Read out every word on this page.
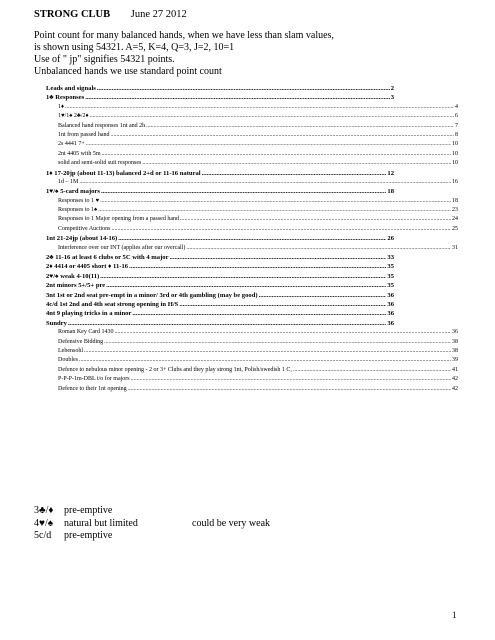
STRONG CLUB June 27 2012
Point count for many balanced hands, when we have less than slam values,
is shown using 54321. A=5, K=4, Q=3, J=2, 10=1
Use of " jp" signifies 54321 points.
Unbalanced hands we use standard point count
Leads and signals .....	2
1♣ Responses .....	3
1♦ .....	4
1♥/1♠ 2♣/2♦ .....	6
Balanced hand responses 1nt and 2h .....	7
1nt from passed hand .....	8
2s 4441 7+ .....	10
2nt 4405 with 5m .....	10
solid and semi-solid suit responses .....	10
1♦ 17-20jp (about 11-13) balanced 2+d or 11-16 natural .....	12
1d – 1M .....	16
1♥/♠ 5-card majors .....	18
Responses to 1 ♥ .....	18
Responses to 1♠ .....	23
Responses to 1 Major opening from a passed hand .....	24
Competitive Auctions .....	25
1nt 21-24jp (about 14-16) .....	26
Interference over our INT (applies after our overcall) .....	31
2♣ 11-16 at least 6 clubs or 5C with 4 major .....	33
2♦ 4414 or 4405 short ♦ 11-16 .....	35
2♥/♠ weak 4-10(11) .....	35
2nt minors 5+/5+ pre .....	35
3nt 1st or 2nd seat pre-empt in a minor/ 3rd or 4th gambling (may be good) .....	36
4c/d 1st 2nd and 4th seat strong opening in H/S .....	36
4nt 9 playing tricks in a minor .....	36
Sundry .....	36
Roman Key Card 1430 .....	36
Defensive Bidding .....	38
Lebensohl .....	38
Doubles .....	39
Defence to nebulous minor opening - 2 or 3+ Clubs and they play strong 1nt, Polish/swedish 1 C, .....	41
P-P-P-1m-DBL t/o for majors .....	42
Defence to their 1nt opening .....	42
3♣/♦	pre-emptive
4♥/♠	natural but limited	could be very weak
5c/d	pre-emptive
1
